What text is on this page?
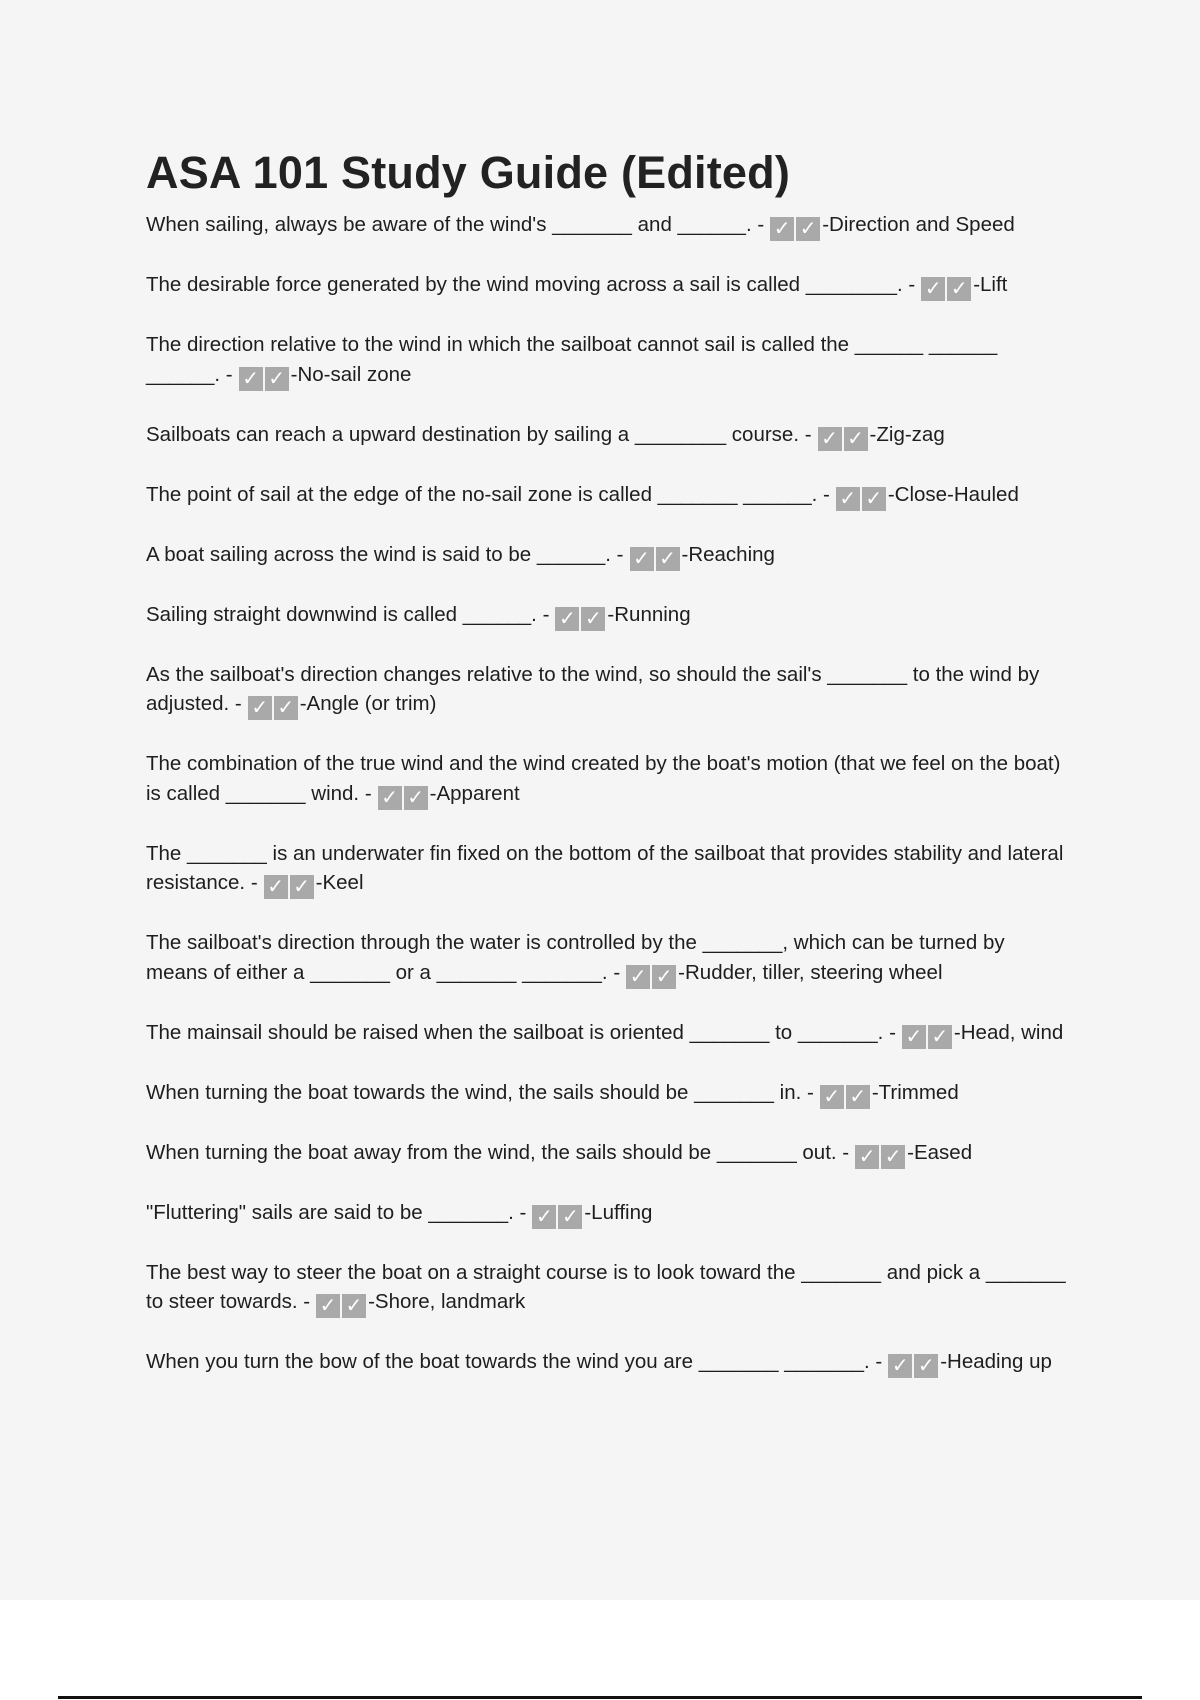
ASA 101 Study Guide (Edited)
When sailing, always be aware of the wind's _______ and ______. - ✓ ✓ -Direction and Speed
The desirable force generated by the wind moving across a sail is called ________. - ✓ ✓ -Lift
The direction relative to the wind in which the sailboat cannot sail is called the ______ ______ ______. - ✓ ✓ -No-sail zone
Sailboats can reach a upward destination by sailing a ________ course. - ✓ ✓ -Zig-zag
The point of sail at the edge of the no-sail zone is called _______ ______. - ✓ ✓ -Close-Hauled
A boat sailing across the wind is said to be ______. - ✓ ✓ -Reaching
Sailing straight downwind is called ______. - ✓ ✓ -Running
As the sailboat's direction changes relative to the wind, so should the sail's _______ to the wind by adjusted. - ✓ ✓ -Angle (or trim)
The combination of the true wind and the wind created by the boat's motion (that we feel on the boat) is called _______ wind. - ✓ ✓ -Apparent
The _______ is an underwater fin fixed on the bottom of the sailboat that provides stability and lateral resistance. - ✓ ✓ -Keel
The sailboat's direction through the water is controlled by the _______, which can be turned by means of either a _______ or a _______ _______. - ✓ ✓ -Rudder, tiller, steering wheel
The mainsail should be raised when the sailboat is oriented _______ to _______. - ✓ ✓ -Head, wind
When turning the boat towards the wind, the sails should be _______ in. - ✓ ✓ -Trimmed
When turning the boat away from the wind, the sails should be _______ out. - ✓ ✓ -Eased
"Fluttering" sails are said to be _______. - ✓ ✓ -Luffing
The best way to steer the boat on a straight course is to look toward the _______ and pick a _______ to steer towards. - ✓ ✓ -Shore, landmark
When you turn the bow of the boat towards the wind you are _______ _______. - ✓ ✓ -Heading up
